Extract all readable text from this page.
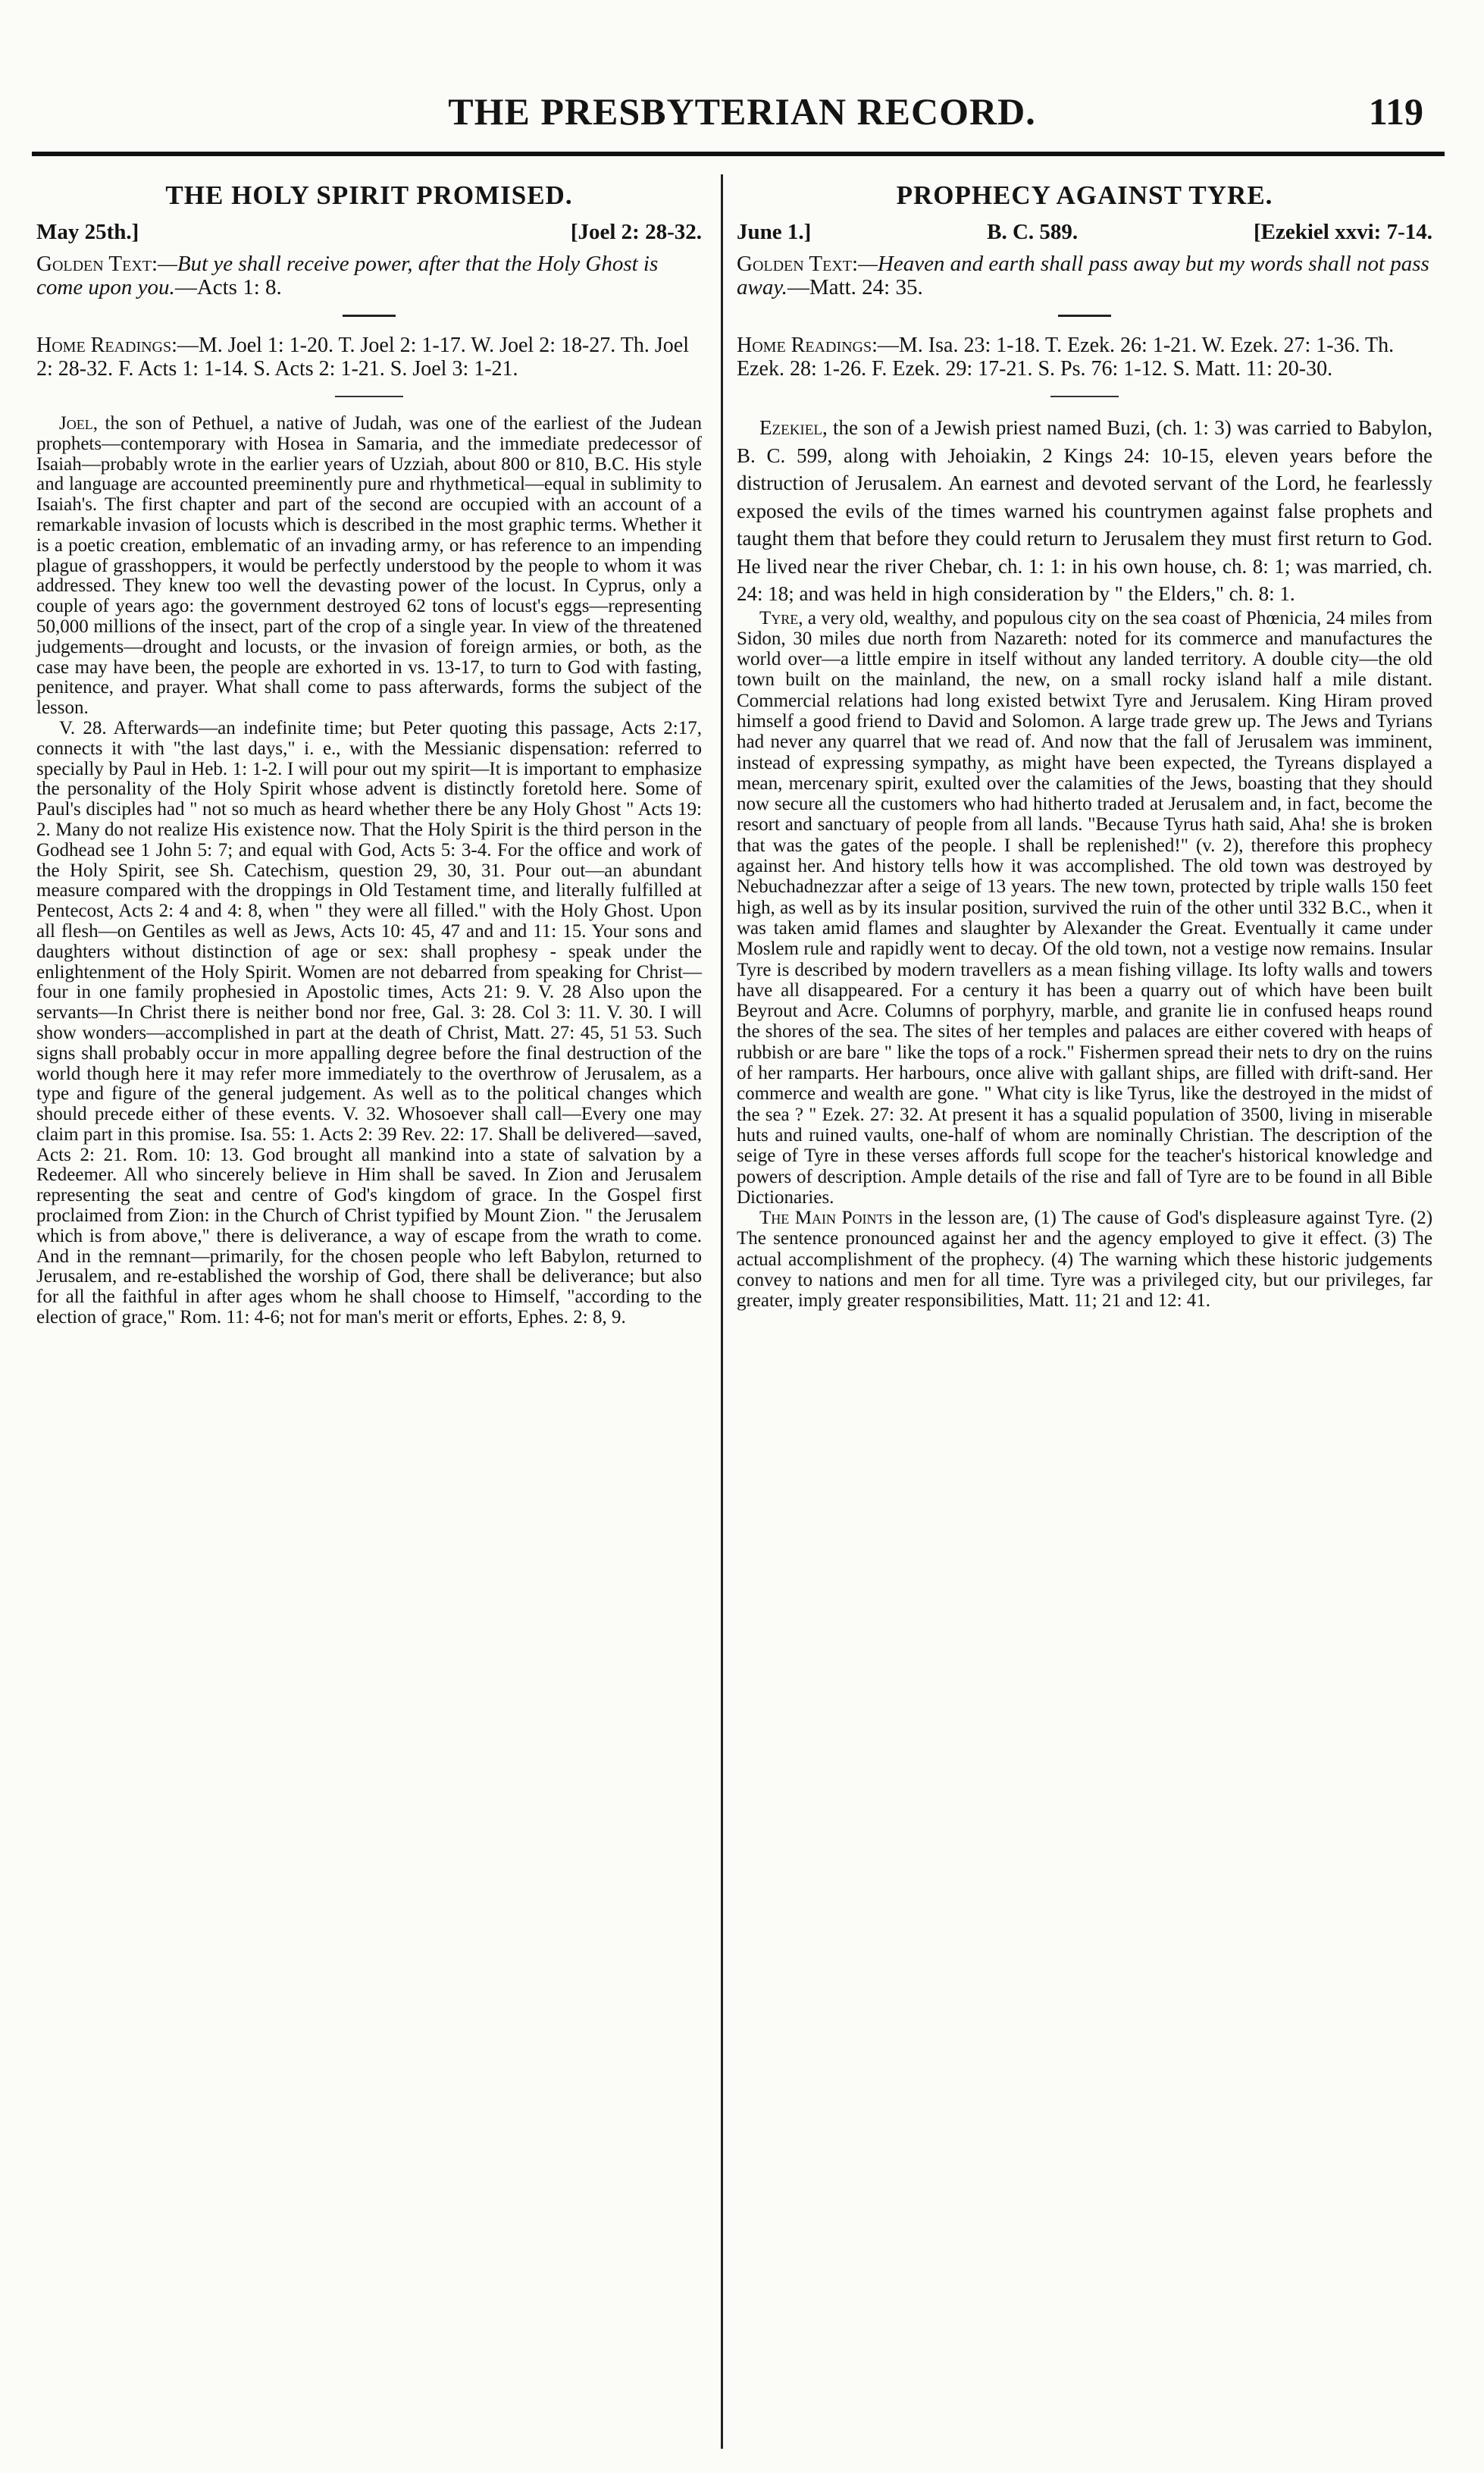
THE PRESBYTERIAN RECORD.	119
THE HOLY SPIRIT PROMISED.
May 25th.]	[Joel 2: 28-32.

Golden Text:—But ye shall receive power, after that the Holy Ghost is come upon you.—Acts 1: 8.

Home Readings:—M. Joel 1: 1-20. T. Joel 2: 1-17. W. Joel 2: 18-27. Th. Joel 2: 28-32. F. Acts 1: 1-14. S. Acts 2: 1-21. S. Joel 3: 1-21.

Joel, the son of Pethuel, a native of Judah, was one of the earliest of the Judean prophets—contemporary with Hosea in Samaria, and the immediate predecessor of Isaiah—probably wrote in the earlier years of Uzziah, about 800 or 810, B.C. His style and language are accounted preeminently pure and rhythmetical—equal in sublimity to Isaiah's. The first chapter and part of the second are occupied with an account of a remarkable invasion of locusts which is described in the most graphic terms. Whether it is a poetic creation, emblematic of an invading army, or has reference to an impending plague of grasshoppers, it would be perfectly understood by the people to whom it was addressed. They knew too well the devasting power of the locust. In Cyprus, only a couple of years ago: the government destroyed 62 tons of locust's eggs—representing 50,000 millions of the insect, part of the crop of a single year. In view of the threatened judgements—drought and locusts, or the invasion of foreign armies, or both, as the case may have been, the people are exhorted in vs. 13-17, to turn to God with fasting, penitence, and prayer. What shall come to pass afterwards, forms the subject of the lesson.

V. 28. Afterwards—an indefinite time; but Peter quoting this passage, Acts 2:17, connects it with "the last days," i. e., with the Messianic dispensation: referred to specially by Paul in Heb. 1: 1-2. I will pour out my spirit—It is important to emphasize the personality of the Holy Spirit whose advent is distinctly foretold here. Some of Paul's disciples had " not so much as heard whether there be any Holy Ghost " Acts 19: 2. Many do not realize His existence now. That the Holy Spirit is the third person in the Godhead see 1 John 5: 7; and equal with God, Acts 5: 3-4. For the office and work of the Holy Spirit, see Sh. Catechism, question 29, 30, 31. Pour out—an abundant measure compared with the droppings in Old Testament time, and literally fulfilled at Pentecost, Acts 2: 4 and 4: 8, when " they were all filled." with the Holy Ghost. Upon all flesh—on Gentiles as well as Jews, Acts 10: 45, 47 and and 11: 15. Your sons and daughters without distinction of age or sex: shall prophesy - speak under the enlightenment of the Holy Spirit. Women are not debarred from speaking for Christ—four in one family prophesied in Apostolic times, Acts 21: 9. V. 28 Also upon the servants—In Christ there is neither bond nor free, Gal. 3: 28. Col 3: 11. V. 30. I will show wonders—accomplished in part at the death of Christ, Matt. 27: 45, 51 53. Such signs shall probably occur in more appalling degree before the final destruction of the world though here it may refer more immediately to the overthrow of Jerusalem, as a type and figure of the general judgement. As well as to the political changes which should precede either of these events. V. 32. Whosoever shall call—Every one may claim part in this promise. Isa. 55: 1. Acts 2: 39 Rev. 22: 17. Shall be delivered—saved, Acts 2: 21. Rom. 10: 13. God brought all mankind into a state of salvation by a Redeemer. All who sincerely believe in Him shall be saved. In Zion and Jerusalem representing the seat and centre of God's kingdom of grace. In the Gospel first proclaimed from Zion: in the Church of Christ typified by Mount Zion. " the Jerusalem which is from above," there is deliverance, a way of escape from the wrath to come. And in the remnant—primarily, for the chosen people who left Babylon, returned to Jerusalem, and re-established the worship of God, there shall be deliverance; but also for all the faithful in after ages whom he shall choose to Himself, "according to the election of grace," Rom. 11: 4-6; not for man's merit or efforts, Ephes. 2: 8, 9.

PROPHECY AGAINST TYRE.
June 1.]	B. C. 589.	[Ezekiel xxvi: 7-14.

Golden Text:—Heaven and earth shall pass away but my words shall not pass away.—Matt. 24: 35.

Home Readings:—M. Isa. 23: 1-18. T. Ezek. 26: 1-21. W. Ezek. 27: 1-36. Th. Ezek. 28: 1-26. F. Ezek. 29: 17-21. S. Ps. 76: 1-12. S. Matt. 11: 20-30.

Ezekiel, the son of a Jewish priest named Buzi, (ch. 1: 3) was carried to Babylon, B. C. 599, along with Jehoiakin, 2 Kings 24: 10-15, eleven years before the distruction of Jerusalem. An earnest and devoted servant of the Lord, he fearlessly exposed the evils of the times warned his countrymen against false prophets and taught them that before they could return to Jerusalem they must first return to God. He lived near the river Chebar, ch. 1: 1: in his own house, ch. 8: 1; was married, ch. 24: 18; and was held in high consideration by " the Elders," ch. 8: 1.

Tyre, a very old, wealthy, and populous city on the sea coast of Phœnicia, 24 miles from Sidon, 30 miles due north from Nazareth: noted for its commerce and manufactures the world over—a little empire in itself without any landed territory. A double city—the old town built on the mainland, the new, on a small rocky island half a mile distant. Commercial relations had long existed betwixt Tyre and Jerusalem. King Hiram proved himself a good friend to David and Solomon. A large trade grew up. The Jews and Tyrians had never any quarrel that we read of. And now that the fall of Jerusalem was imminent, instead of expressing sympathy, as might have been expected, the Tyreans displayed a mean, mercenary spirit, exulted over the calamities of the Jews, boasting that they should now secure all the customers who had hitherto traded at Jerusalem and, in fact, become the resort and sanctuary of people from all lands. "Because Tyrus hath said, Aha! she is broken that was the gates of the people. I shall be replenished!" (v. 2), therefore this prophecy against her. And history tells how it was accomplished. The old town was destroyed by Nebuchadnezzar after a seige of 13 years. The new town, protected by triple walls 150 feet high, as well as by its insular position, survived the ruin of the other until 332 B.C., when it was taken amid flames and slaughter by Alexander the Great. Eventually it came under Moslem rule and rapidly went to decay. Of the old town, not a vestige now remains. Insular Tyre is described by modern travellers as a mean fishing village. Its lofty walls and towers have all disappeared. For a century it has been a quarry out of which have been built Beyrout and Acre. Columns of porphyry, marble, and granite lie in confused heaps round the shores of the sea. The sites of her temples and palaces are either covered with heaps of rubbish or are bare " like the tops of a rock." Fishermen spread their nets to dry on the ruins of her ramparts. Her harbours, once alive with gallant ships, are filled with drift-sand. Her commerce and wealth are gone. " What city is like Tyrus, like the destroyed in the midst of the sea ? " Ezek. 27: 32. At present it has a squalid population of 3500, living in miserable huts and ruined vaults, one-half of whom are nominally Christian. The description of the seige of Tyre in these verses affords full scope for the teacher's historical knowledge and powers of description. Ample details of the rise and fall of Tyre are to be found in all Bible Dictionaries.

The Main Points in the lesson are, (1) The cause of God's displeasure against Tyre. (2) The sentence pronounced against her and the agency employed to give it effect. (3) The actual accomplishment of the prophecy. (4) The warning which these historic judgements convey to nations and men for all time. Tyre was a privileged city, but our privileges, far greater, imply greater responsibilities, Matt. 11; 21 and 12: 41.
